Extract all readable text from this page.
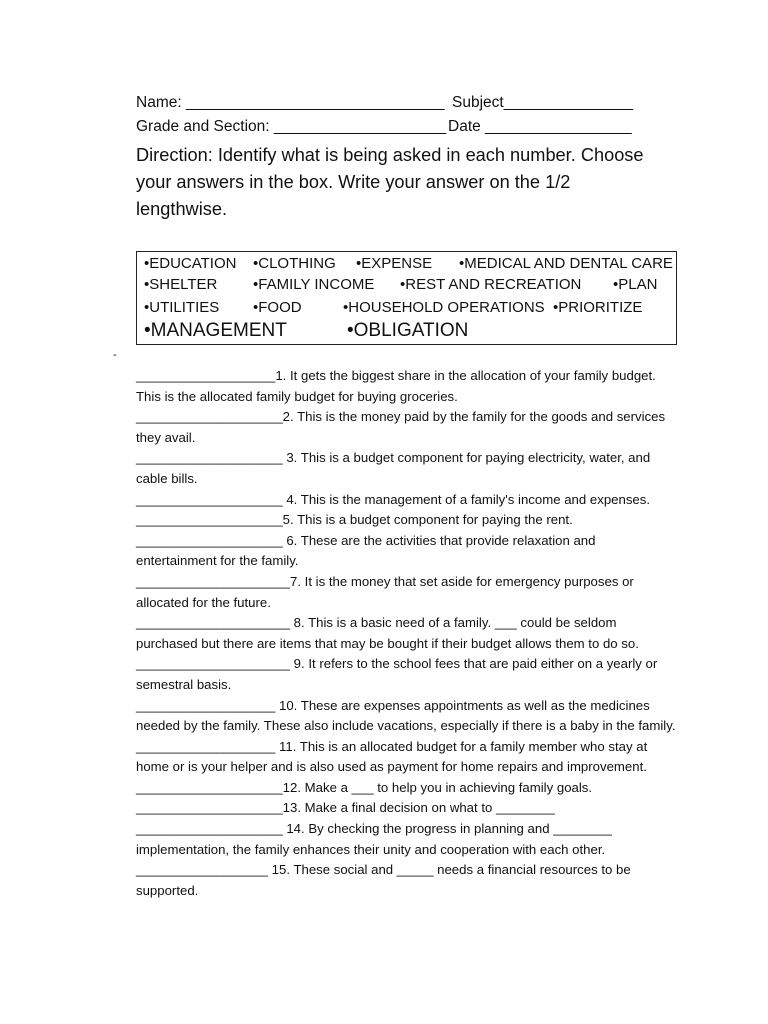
Name: ______________________________ Subject_______________
Grade and Section: ____________________ Date _________________
Direction: Identify what is being asked in each number. Choose your answers in the box. Write your answer on the 1/2 lengthwise.
•EDUCATION •CLOTHING •EXPENSE •MEDICAL AND DENTAL CARE
•SHELTER •FAMILY INCOME •REST AND RECREATION •PLAN
•UTILITIES •FOOD	•HOUSEHOLD OPERATIONS •PRIORITIZE
•MANAGEMENT	•OBLIGATION
-

___________________1. It gets the biggest share in the allocation of your family budget. This is the allocated family budget for buying groceries.

____________________2. This is the money paid by the family for the goods and services they avail.

____________________ 3. This is a budget component for paying electricity, water, and cable bills.

____________________ 4. This is the management of a family's income and expenses.

____________________5. This is a budget component for paying the rent.

____________________ 6. These are the activities that provide relaxation and entertainment for the family.

_____________________7. It is the money that set aside for emergency purposes or allocated for the future.

_____________________ 8. This is a basic need of a family. ___ could be seldom purchased but there are items that may be bought if their budget allows them to do so.

_____________________ 9. It refers to the school fees that are paid either on a yearly or semestral basis.

___________________ 10. These are expenses appointments as well as the medicines needed by the family. These also include vacations, especially if there is a baby in the family.

___________________ 11. This is an allocated budget for a family member who stay at home or is your helper and is also used as payment for home repairs and improvement.

____________________12. Make a ___ to help you in achieving family goals.

____________________13. Make a final decision on what to ________

____________________ 14. By checking the progress in planning and ________ implementation, the family enhances their unity and cooperation with each other.

__________________ 15. These social and _____ needs a financial resources to be supported.
